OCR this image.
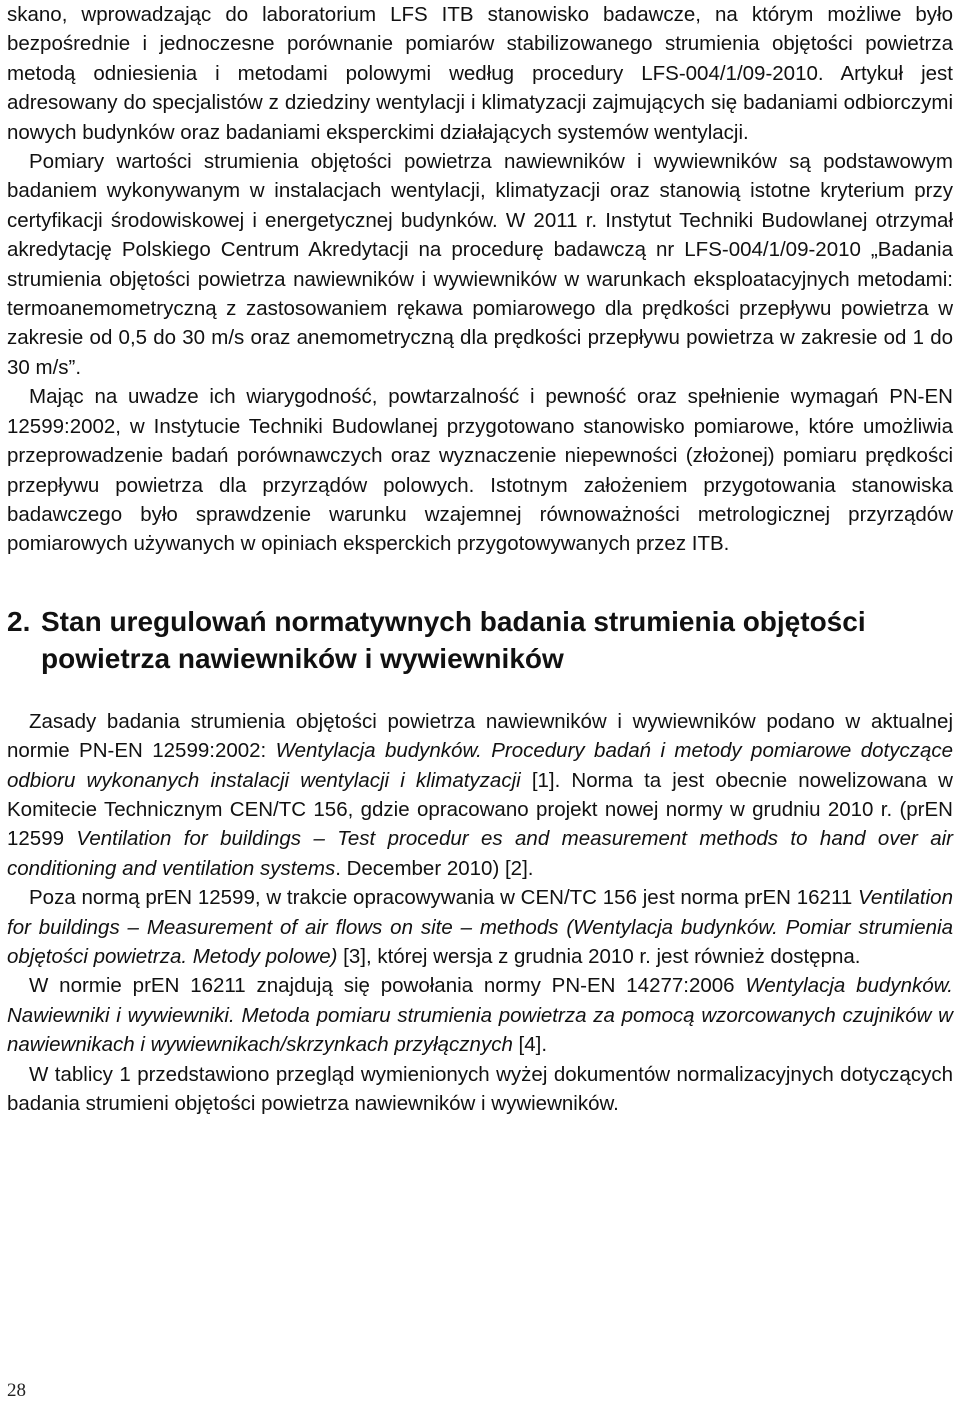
skano, wprowadzając do laboratorium LFS ITB stanowisko badawcze, na którym możliwe było bezpośrednie i jednoczesne porównanie pomiarów stabilizowanego strumienia objętości powietrza metodą odniesienia i metodami polowymi według procedury LFS-004/1/09-2010. Artykuł jest adresowany do specjalistów z dziedziny wentylacji i klimatyzacji zajmujących się badaniami odbiorczymi nowych budynków oraz badaniami eksperckimi działających systemów wentylacji.

Pomiary wartości strumienia objętości powietrza nawiewników i wywiewników są podstawowym badaniem wykonywanym w instalacjach wentylacji, klimatyzacji oraz stanowią istotne kryterium przy certyfikacji środowiskowej i energetycznej budynków. W 2011 r. Instytut Techniki Budowlanej otrzymał akredytację Polskiego Centrum Akredytacji na procedurę badawczą nr LFS-004/1/09-2010 „Badania strumienia objętości powietrza nawiewników i wywiewników w warunkach eksploatacyjnych metodami: termoanemometryczną z zastosowaniem rękawa pomiarowego dla prędkości przepływu powietrza w zakresie od 0,5 do 30 m/s oraz anemometryczną dla prędkości przepływu powietrza w zakresie od 1 do 30 m/s”.

Mając na uwadze ich wiarygodność, powtarzalność i pewność oraz spełnienie wymagań PN-EN 12599:2002, w Instytucie Techniki Budowlanej przygotowano stanowisko pomiarowe, które umożliwia przeprowadzenie badań porównawczych oraz wyznaczenie niepewności (złożonej) pomiaru prędkości przepływu powietrza dla przyrządów polowych. Istotnym założeniem przygotowania stanowiska badawczego było sprawdzenie warunku wzajemnej równoważności metrologicznej przyrządów pomiarowych używanych w opiniach eksperckich przygotowywanych przez ITB.

2. Stan uregulowań normatywnych badania strumienia objętości powietrza nawiewników i wywiewników

Zasady badania strumienia objętości powietrza nawiewników i wywiewników podano w aktualnej normie PN-EN 12599:2002: Wentylacja budynków. Procedury badań i metody pomiarowe dotyczące odbioru wykonanych instalacji wentylacji i klimatyzacji [1]. Norma ta jest obecnie nowelizowana w Komitecie Technicznym CEN/TC 156, gdzie opracowano projekt nowej normy w grudniu 2010 r. (prEN 12599 Ventilation for buildings – Test procedur es and measurement methods to hand over air conditioning and ventilation systems. December 2010) [2].

Poza normą prEN 12599, w trakcie opracowywania w CEN/TC 156 jest norma prEN 16211 Ventilation for buildings – Measurement of air flows on site – methods (Wentylacja budynków. Pomiar strumienia objętości powietrza. Metody polowe) [3], której wersja z grudnia 2010 r. jest również dostępna.

W normie prEN 16211 znajdują się powołania normy PN-EN 14277:2006 Wentylacja budynków. Nawiewniki i wywiewniki. Metoda pomiaru strumienia powietrza za pomocą wzorcowanych czujników w nawiewnikach i wywiewnikach/skrzynkach przyłącznych [4].

W tablicy 1 przedstawiono przegląd wymienionych wyżej dokumentów normalizacyjnych dotyczących badania strumieni objętości powietrza nawiewników i wywiewników.

28
